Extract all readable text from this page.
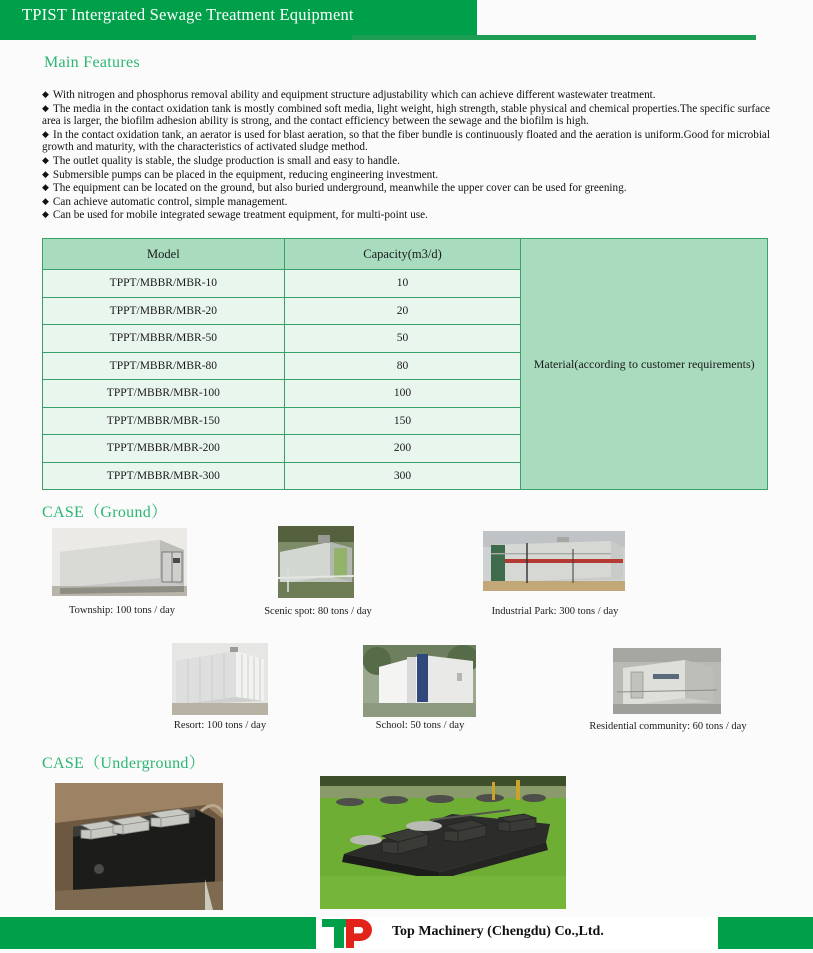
TPIST Intergrated Sewage Treatment Equipment
Main Features

◆ With nitrogen and phosphorus removal ability and equipment structure adjustability which can achieve different wastewater treatment.

◆ The media in the contact oxidation tank is mostly combined soft media, light weight, high strength, stable physical and chemical properties.The specific surface area is larger, the biofilm adhesion ability is strong, and the contact efficiency between the sewage and the biofilm is high.

◆ In the contact oxidation tank, an aerator is used for blast aeration, so that the fiber bundle is continuously floated and the aeration is uniform.Good for microbial growth and maturity, with the characteristics of activated sludge method.

◆ The outlet quality is stable, the sludge production is small and easy to handle.

◆ Submersible pumps can be placed in the equipment, reducing engineering investment.

◆ The equipment can be located on the ground, but also buried underground, meanwhile the upper cover can be used for greening.

◆ Can achieve automatic control, simple management.

◆ Can be used for mobile integrated sewage treatment equipment, for multi-point use.

Model	Capacity(m3/d)	Material(according to customer requirements)
TPPT/MBBR/MBR-10	10	
TPPT/MBBR/MBR-20	20	
TPPT/MBBR/MBR-50	50	
TPPT/MBBR/MBR-80	80	
TPPT/MBBR/MBR-100	100	
TPPT/MBBR/MBR-150	150	
TPPT/MBBR/MBR-200	200	
TPPT/MBBR/MBR-300	300	
CASE（Ground）
Township: 100 tons / day	Scenic spot: 80 tons / day	Industrial Park: 300 tons / day
Resort: 100 tons / day	School: 50 tons / day	Residential community: 60 tons / day
CASE（Underground）
Top Machinery (Chengdu) Co.,Ltd.
